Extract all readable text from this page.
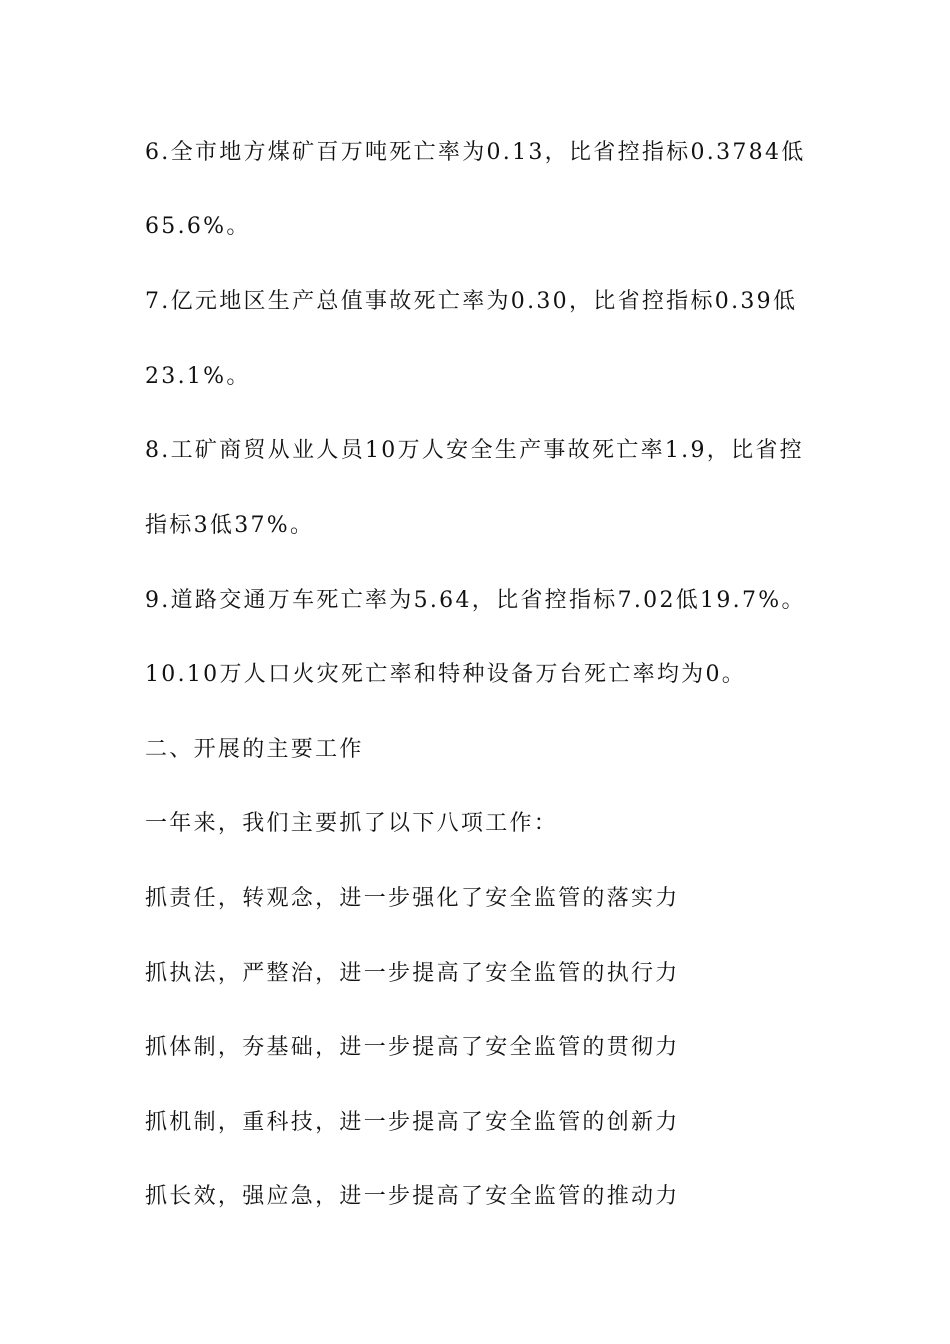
6.全市地方煤矿百万吨死亡率为0.13，比省控指标0.3784低
65.6%。
7.亿元地区生产总值事故死亡率为0.30，比省控指标0.39低
23.1%。
8.工矿商贸从业人员10万人安全生产事故死亡率1.9，比省控
指标3低37%。
9.道路交通万车死亡率为5.64，比省控指标7.02低19.7%。
10.10万人口火灾死亡率和特种设备万台死亡率均为0。
二、开展的主要工作
一年来，我们主要抓了以下八项工作：
抓责任，转观念，进一步强化了安全监管的落实力
抓执法，严整治，进一步提高了安全监管的执行力
抓体制，夯基础，进一步提高了安全监管的贯彻力
抓机制，重科技，进一步提高了安全监管的创新力
抓长效，强应急，进一步提高了安全监管的推动力
